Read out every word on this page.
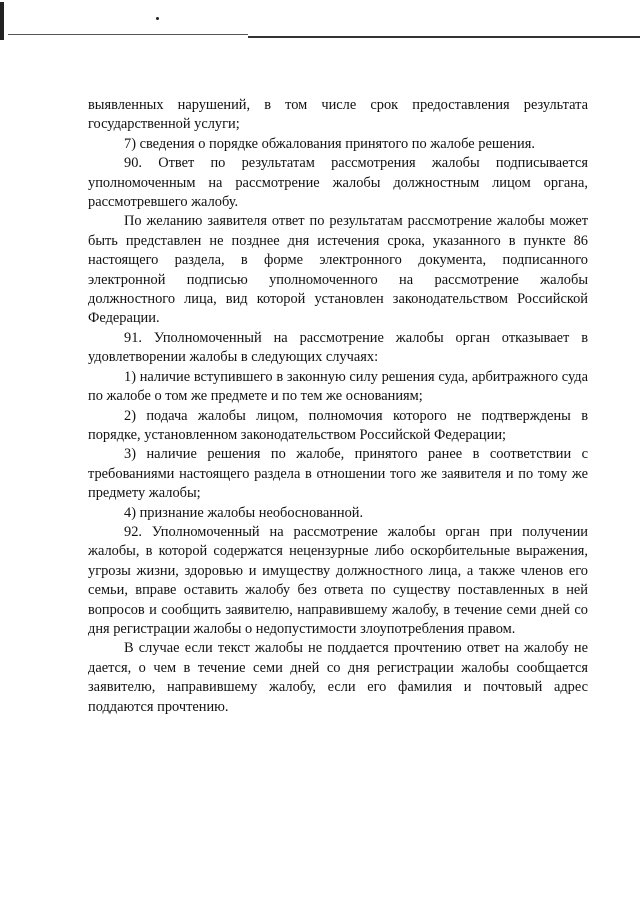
выявленных нарушений, в том числе срок предоставления результата государственной услуги;

7) сведения о порядке обжалования принятого по жалобе решения.

90. Ответ по результатам рассмотрения жалобы подписывается уполномоченным на рассмотрение жалобы должностным лицом органа, рассмотревшего жалобу.

По желанию заявителя ответ по результатам рассмотрение жалобы может быть представлен не позднее дня истечения срока, указанного в пункте 86 настоящего раздела, в форме электронного документа, подписанного электронной подписью уполномоченного на рассмотрение жалобы должностного лица, вид которой установлен законодательством Российской Федерации.

91. Уполномоченный на рассмотрение жалобы орган отказывает в удовлетворении жалобы в следующих случаях:

1) наличие вступившего в законную силу решения суда, арбитражного суда по жалобе о том же предмете и по тем же основаниям;

2) подача жалобы лицом, полномочия которого не подтверждены в порядке, установленном законодательством Российской Федерации;

3) наличие решения по жалобе, принятого ранее в соответствии с требованиями настоящего раздела в отношении того же заявителя и по тому же предмету жалобы;

4) признание жалобы необоснованной.

92. Уполномоченный на рассмотрение жалобы орган при получении жалобы, в которой содержатся нецензурные либо оскорбительные выражения, угрозы жизни, здоровью и имуществу должностного лица, а также членов его семьи, вправе оставить жалобу без ответа по существу поставленных в ней вопросов и сообщить заявителю, направившему жалобу, в течение семи дней со дня регистрации жалобы о недопустимости злоупотребления правом.

В случае если текст жалобы не поддается прочтению ответ на жалобу не дается, о чем в течение семи дней со дня регистрации жалобы сообщается заявителю, направившему жалобу, если его фамилия и почтовый адрес поддаются прочтению.
